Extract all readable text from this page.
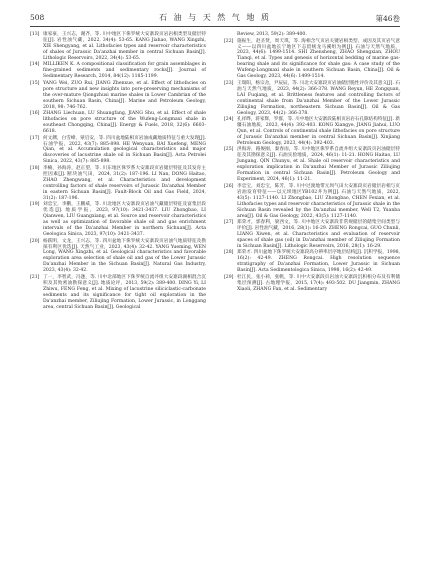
508	石 油 与 天 然 气 地 质	第46卷
[13] 康家豪，王兴志，谢齐，等. 川中地区下侏罗统大安寨段页岩岩相类型及储层特征[J]. 岩性油气藏，2022, 34(4): 53-65. KANG Jiahao, WANG Xingzhi, XIE Shengyang, et al. Lithofacies types and reservoir characteristics of shales of Jurassic Da'anzhai member in central Sichuan Basin[J]. Lithologic Reservoirs, 2022, 34(4): 53-65.
[14] MILLIKEN K. A compositional classification for grain assemblages in fine-grained sediments and sedimentary rocks[J]. Journal of Sedimentary Research, 2014, 84(12): 1185-1199.
[15] YANG Wei, ZUO Rui, JIANG Zhenxue, et al. Effect of lithofacies on pore structure and new insights into pore-preserving mechanisms of the over-mature Qiongzhusi marine shales in Lower Cambrian of the southern Sichuan Basin, China[J]. Marine and Petroleum Geology, 2018, 98: 746-762.
[16] ZHANG Liechuan, LU Shuangfang, JIANG Shu, et al. Effect of shale lithofacies on pore structure of the Wufeng-Longmaxi shale in southeast Chongqing, China[J]. Energy & Fuels, 2018, 32(6): 6603-6618.
[17] 何文渊，白雪峰，蒙启安，等. 四川盆地陆相页岩油成藏地质特征与重大发现[J]. 石油学报，2022, 43(7): 885-898. HE Wenyuan, BAI Xuefeng, MENG Qian, et al. Accumulation geological characteristics and major discoveries of lacustrine shale oil in Sichuan Basin[J]. Acta Petrolei Sinica, 2022, 43(7): 885-898.
[18] 李楠，孙海涛，赵正望，等. 川东地区侏罗系大安寨段页岩储层特征及其发育主控因素[J]. 断块油气田，2024, 31(2): 187-196. LI Nan, DONG Haitao, ZHAO Zhengwang, et al. Characteristics and development controlling factors of shale reservoirs of Jurassic Da'anzhai Member in eastern Sichuan Basin[J]. Fault-Block Oil and Gas Field, 2024, 31(2): 187-196.
[19] 刘忠宝，李鹏，王鹏威，等. 川北地区大安寨段页岩油气藏储层特征及富集层段优选[J]. 地质学报，2023, 97(10): 3421-3437. LIU Zhongbao, LI Qianwen, LIU Guangxiang, et al. Source and reservoir characteristics as well as optimization of favorable shale oil and gas enrichment intervals of the Da'anzhai Member in northern Sichuan[J]. Acta Geologica Sinica, 2023, 97(10): 3421-3437.
[20] 杨跃明，文龙，王兴志，等. 四川盆地下侏罗统大安寨段页岩油气地质特征及勘探有利区优选[J]. 天然气工业，2023, 43(4): 32-42. YANG Yueming, WEN Long, WANG Xingzhi, et al. Geological characteristics and favorable exploration area selection of shale oil and gas of the Lower Jurassic Da'anzhai Member in the Sichuan Basin[J]. Natural Gas Industry, 2023, 43(4): 32-42.
[21] 丁一，李智武，冯逢，等. 川中北部地区下侏罗统自流井组大安寨段湖相混合沉积及其致密油勘探意义[J]. 地质论评，2013, 59(2): 389-400. DING Yi, LI Zhiwu, FENG Feng, et al. Mixing of lacustrine siliciclastic-carbonate sediments and its significance for tight oil exploration in the Da'anzhai member, Ziliujing Formation, Lower Jurassic, in Longgang area, central Sichuan Basin[J]. Geological
Review, 2013, 59(2): 389-400.
[22] 施振生，赵圣贤，周天琪，等. 海相含气页岩关键岩相类型、成因及其页岩气意义——以四川盆地长宁地区下志留统龙马溪组为例[J]. 石油与天然气地质，2023, 44(6): 1499-1514. SHI Zhensheng, ZHAO Shengxian, ZHOU Tianqi, et al. Types and genesis of horizontal bedding of marine gas-bearing shale and its significance for shale gas: A case study of the Wufeng-Longmaxi shale in southern Sichuan Basin, China[J]. Oil & Gas Geology, 2023, 44(6): 1499-1514.
[23] 王瑞阳，杨宗舍，尹辰辰，等. 川北大安寨段页岩油储层脆性评价及其意义[J]. 石油与天然气地质，2023, 44(2): 366-378. WANG Reyun, HE Zongquan, LAI Fuqiang, et al. Brittleness features and controlling factors of continental shale from Da'anzhai Member of the Lower Jurassic Ziliujing Formation, northeastern Sichuan Basin[J]. Oil & Gas Geology, 2023, 44(2): 366-378.
[24] 孔祥晔，蒋家辉，罗群，等. 川中地区大安寨段陆相页岩岩石孔隙结构特征[J]. 新疆石油地质，2023, 44(4): 392-403. KONG Xiangye, JIANG Jiahui, LUO Qun, et al. Controls of continental shale lithofacies on pore structure of Jurassic Da'anzhai member in central Sichuan Basin[J]. Xinjiang Petroleum Geology, 2023, 44(4): 392-403.
[25] 洪海涛，路俊刚，秦春雨，等. 川中地区侏罗系自流井组大安寨段页岩油储层特征及其勘探意义[J]. 石油实验地质，2024, 46(1): 11-21. HONG Haitao, LU Jungang, QIN Chunyu, et al. Shale oil reservoir characteristics and exploration implication in Da'anzhai Member of Jurassic Ziliujing Formation in central Sichuan Basin[J]. Petroleum Geology and Experiment, 2024, 46(1): 11-21.
[26] 李忠宝，刘忠宝，陈芳，等. 川中过渡地带元坝气田大安寨段页岩储层岩相与页岩油发育特征——以元坝地区YB102井为例[J]. 石油与天然气地质，2022, 43(5): 1127-1140. LI Zhongbao, LIU Zhongbao, CHEN Fexian, et al. Lithofacies types and reservoir characteristics of Jurassic shale in the Sichuan Basin revealed by the Da'anzhai member, Well T2, Yuanba area[J]. Oil & Gas Geology, 2022, 43(5): 1127-1140.
[27] 郑荣才，郭春利，梁西文，等. 川中地区大安寨段非常规储层的储集空间类型与评价[J]. 岩性油气藏，2016, 28(1): 16-29. ZHENG Rongcai, GUO Chunli, LIANG Xiwen, et al. Characteristics and evaluation of reservoir spaces of shale gas (oil) in Da'anzhai member of Ziliujing Formation in Sichuan Basin[J]. Lithologic Reservoirs, 2016, 28(1): 16-29.
[28] 郑荣才. 四川盆地下侏罗统大安寨段高分辨率层序地层结构[J]. 沉积学报，1998, 16(2): 42-49. ZHENG Rongcai. High resolution sequence stratigraphy of Da'anzhai Formation, Lower Jurassic in Sichuan Basin[J]. Acta Sedimentologica Sinica, 1998, 16(2): 42-49.
[29] 杜江民，张小莉，张帆，等. 川中大安寨段页岩油大安寨段沉积相分布及有利储集层预测[J]. 古地理学报，2015, 17(4): 493-502. DU Jiangmin, ZHANG Xiaoli, ZHANG Fan, et al. Sedimentary
